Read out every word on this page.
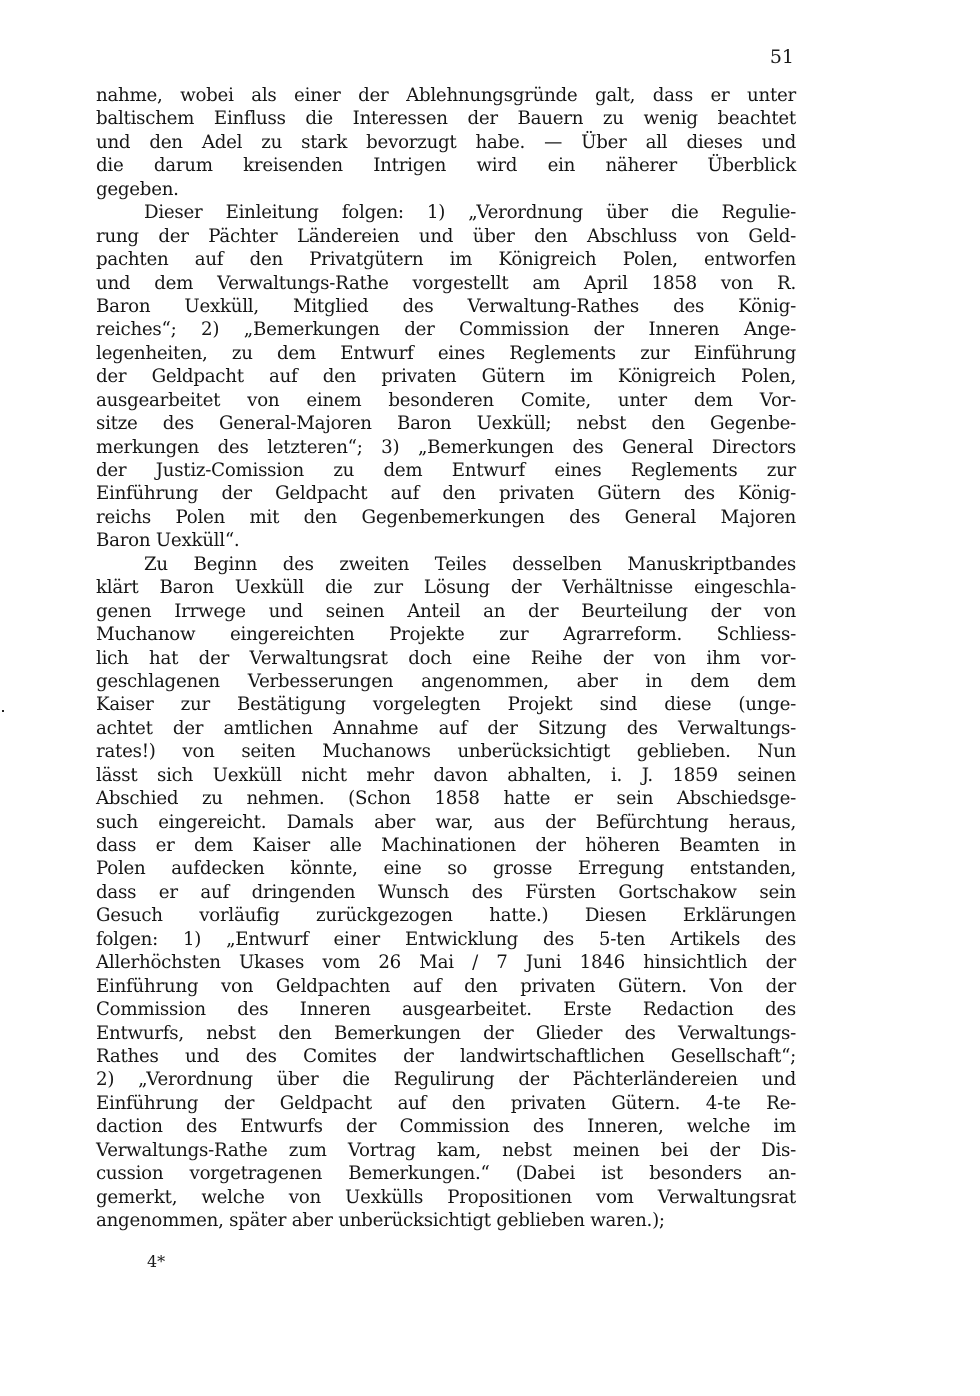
51
nahme, wobei als einer der Ablehnungsgründe galt, dass er unter
baltischem Einfluss die Interessen der Bauern zu wenig beachtet
und den Adel zu stark bevorzugt habe. — Über all dieses und
die darum kreisenden Intrigen wird ein näherer Überblick
gegeben.
Dieser Einleitung folgen: 1) „Verordnung über die Regulie-
rung der Pächter Ländereien und über den Abschluss von Geld-
pachten auf den Privatgütern im Königreich Polen, entworfen
und dem Verwaltungs-Rathe vorgestellt am April 1858 von R.
Baron Uexküll, Mitglied des Verwaltung-Rathes des König-
reiches“; 2) „Bemerkungen der Commission der Inneren Ange-
legenheiten, zu dem Entwurf eines Reglements zur Einführung
der Geldpacht auf den privaten Gütern im Königreich Polen,
ausgearbeitet von einem besonderen Comite, unter dem Vor-
sitze des General-Majoren Baron Uexküll; nebst den Gegenbe-
merkungen des letzteren“; 3) „Bemerkungen des General Directors
der Justiz-Comission zu dem Entwurf eines Reglements zur
Einführung der Geldpacht auf den privaten Gütern des König-
reichs Polen mit den Gegenbemerkungen des General Majoren
Baron Uexküll“.
Zu Beginn des zweiten Teiles desselben Manuskriptbandes
klärt Baron Uexküll die zur Lösung der Verhältnisse eingeschla-
genen Irrwege und seinen Anteil an der Beurteilung der von
Muchanow eingereichten Projekte zur Agrarreform. Schliess-
lich hat der Verwaltungsrat doch eine Reihe der von ihm vor-
geschlagenen Verbesserungen angenommen, aber in dem dem
Kaiser zur Bestätigung vorgelegten Projekt sind diese (unge-
achtet der amtlichen Annahme auf der Sitzung des Verwaltungs-
rates!) von seiten Muchanows unberücksichtigt geblieben. Nun
lässt sich Uexküll nicht mehr davon abhalten, i. J. 1859 seinen
Abschied zu nehmen. (Schon 1858 hatte er sein Abschiedsge-
such eingereicht. Damals aber war, aus der Befürchtung heraus,
dass er dem Kaiser alle Machinationen der höheren Beamten in
Polen aufdecken könnte, eine so grosse Erregung entstanden,
dass er auf dringenden Wunsch des Fürsten Gortschakow sein
Gesuch vorläufig zurückgezogen hatte.) Diesen Erklärungen
folgen: 1) „Entwurf einer Entwicklung des 5-ten Artikels des
Allerhöchsten Ukases vom 26 Mai / 7 Juni 1846 hinsichtlich der
Einführung von Geldpachten auf den privaten Gütern. Von der
Commission des Inneren ausgearbeitet. Erste Redaction des
Entwurfs, nebst den Bemerkungen der Glieder des Verwaltungs-
Rathes und des Comites der landwirtschaftlichen Gesellschaft“;
2) „Verordnung über die Regulirung der Pächterländereien und
Einführung der Geldpacht auf den privaten Gütern. 4-te Re-
daction des Entwurfs der Commission des Inneren, welche im
Verwaltungs-Rathe zum Vortrag kam, nebst meinen bei der Dis-
cussion vorgetragenen Bemerkungen.“ (Dabei ist besonders an-
gemerkt, welche von Uexkülls Propositionen vom Verwaltungsrat
angenommen, später aber unberücksichtigt geblieben waren.);
4*
